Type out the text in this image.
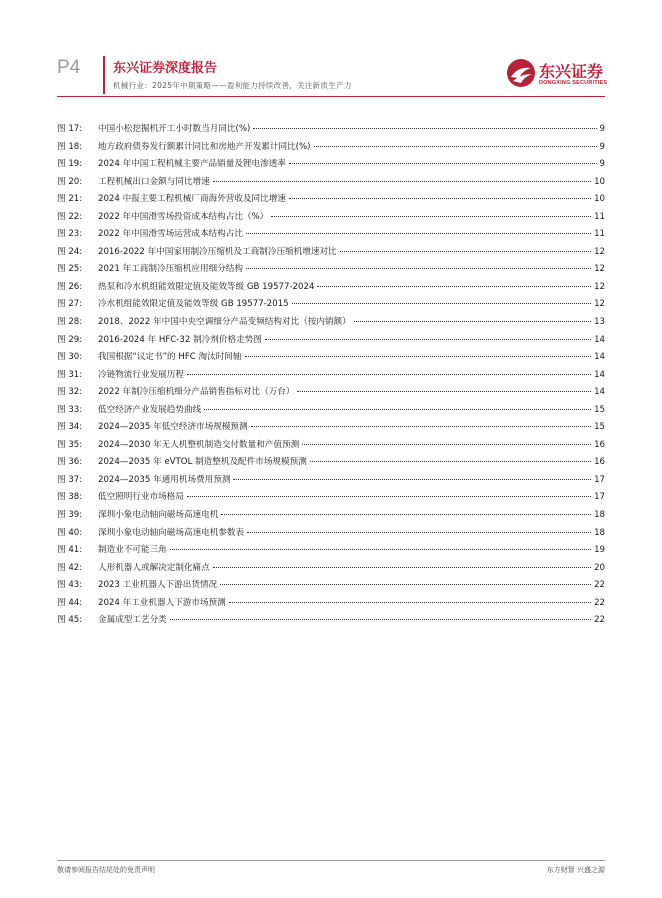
P4	东兴证券深度报告
机械行业：2025年中期策略——盈利能力持续改善，关注新质生产力
东兴证券
DONGXING SECURITIES
图 17:	中国小松挖掘机开工小时数当月同比(%)	9
图 18:	地方政府债券发行额累计同比和房地产开发累计同比(%)	9
图 19:	2024 年中国工程机械主要产品销量及锂电渗透率	9
图 20:	工程机械出口金额与同比增速	10
图 21:	2024 中报主要工程机械厂商海外营收及同比增速	10
图 22:	2022 年中国滑雪场投资成本结构占比（%）	11
图 23:	2022 年中国滑雪场运营成本结构占比	11
图 24:	2016-2022 年中国家用制冷压缩机及工商制冷压缩机增速对比	12
图 25:	2021 年工商制冷压缩机应用细分结构	12
图 26:	热泵和冷水机组能效限定值及能效等级 GB 19577-2024	12
图 27:	冷水机组能效限定值及能效等级 GB 19577-2015	12
图 28:	2018、2022 年中国中央空调细分产品变频结构对比（按内销额）	13
图 29:	2016-2024 年 HFC-32 制冷剂价格走势图	14
图 30:	我国根据“议定书”的 HFC 淘汰时间轴	14
图 31:	冷链物流行业发展历程	14
图 32:	2022 年制冷压缩机细分产品销售指标对比（万台）	14
图 33:	低空经济产业发展趋势曲线	15
图 34:	2024—2035 年低空经济市场规模预测	15
图 35:	2024—2030 年无人机整机制造交付数量和产值预测	16
图 36:	2024—2035 年 eVTOL 制造整机及配件市场规模预测	16
图 37:	2024—2035 年通用机场费用预测	17
图 38:	低空照明行业市场格局	17
图 39:	深圳小象电动轴向磁场高速电机	18
图 40:	深圳小象电动轴向磁场高速电机参数表	18
图 41:	制造业不可能三角	19
图 42:	人形机器人或解决定制化痛点	20
图 43:	2023 工业机器人下游出货情况	22
图 44:	2024 年工业机器人下游市场预测	22
图 45:	金属成型工艺分类	22
敬请参阅报告结尾处的免责声明	东方财智 兴盛之源
